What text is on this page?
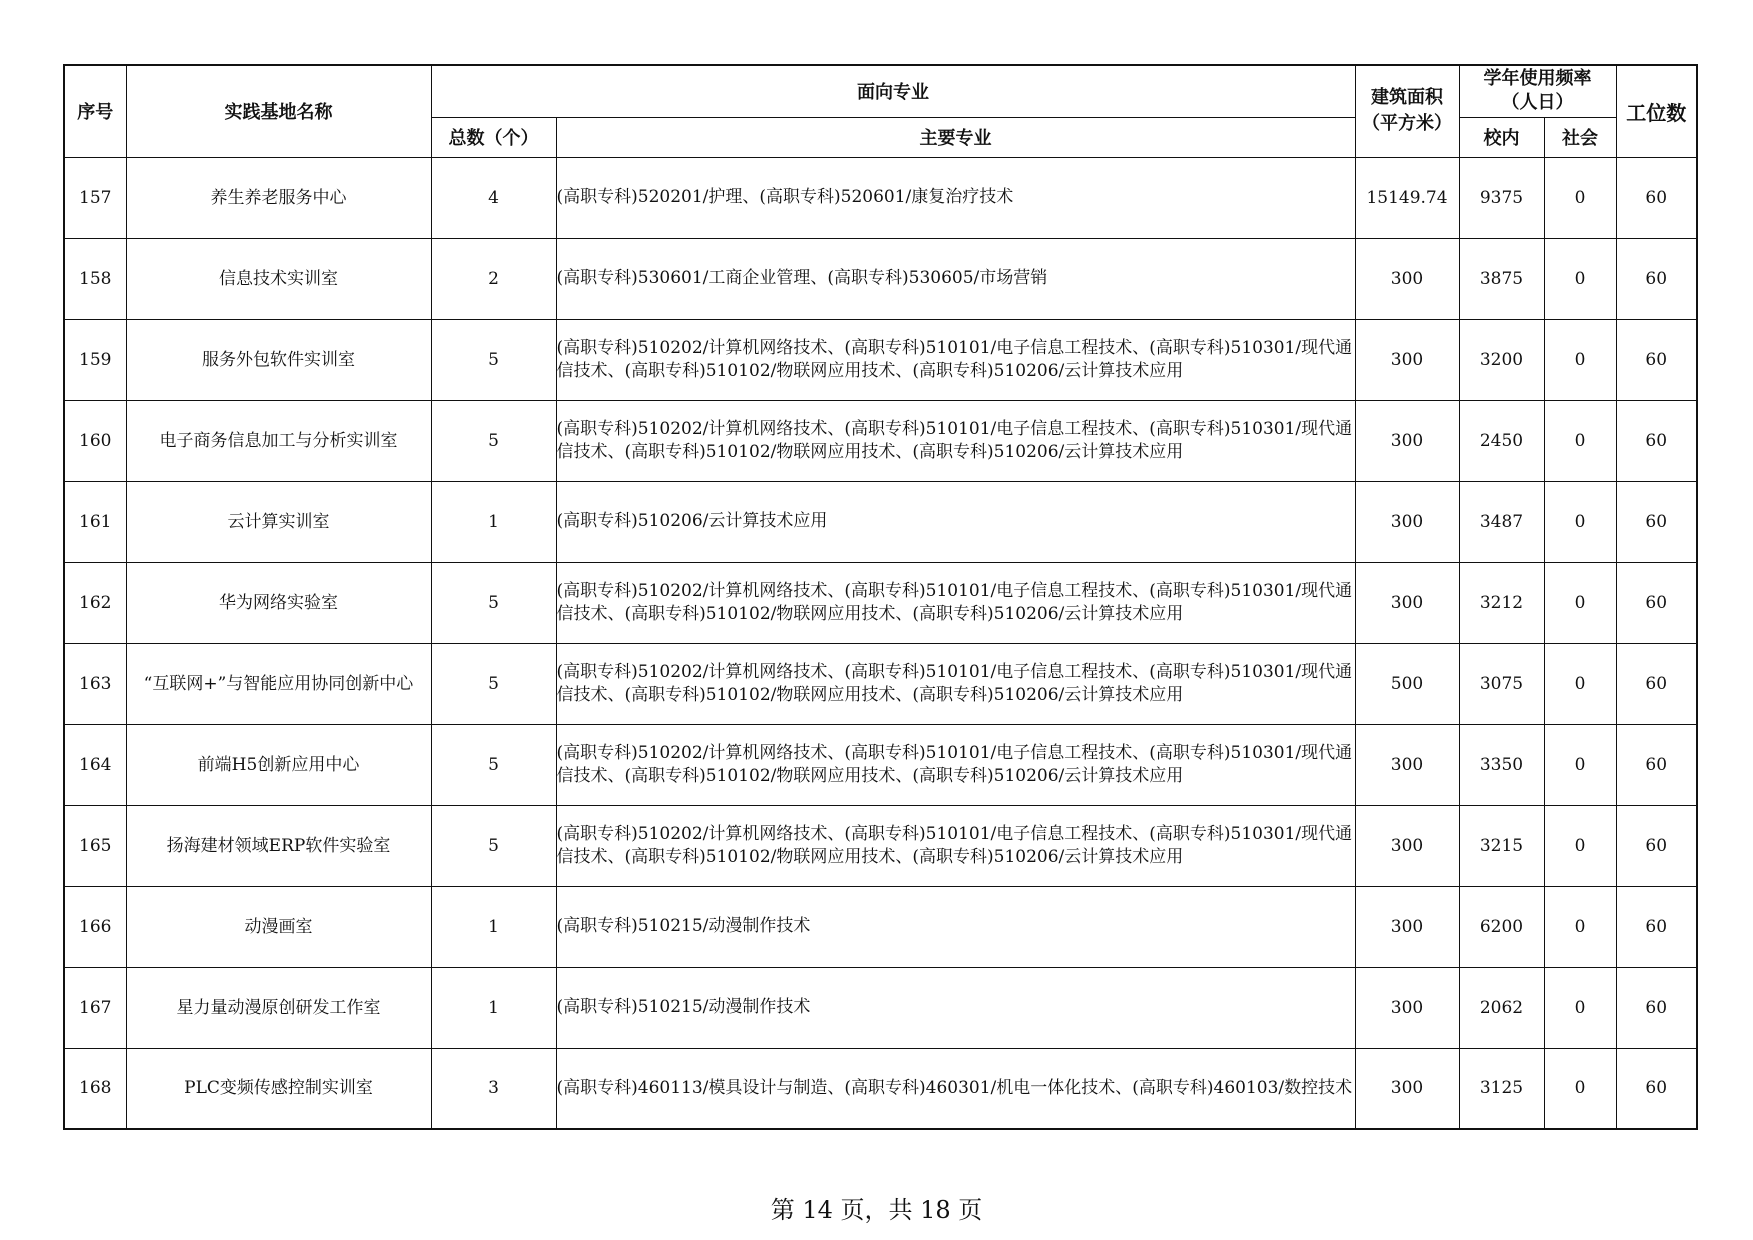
序号	实践基地名称	面向专业		建筑面积（平方米）	学年使用频率（人日）		工位数
		总数（个）	主要专业		校内	社会	
157	养生养老服务中心	4	(高职专科)520201/护理、(高职专科)520601/康复治疗技术	15149.74	9375	0	60
158	信息技术实训室	2	(高职专科)530601/工商企业管理、(高职专科)530605/市场营销	300	3875	0	60
159	服务外包软件实训室	5	(高职专科)510202/计算机网络技术、(高职专科)510101/电子信息工程技术、(高职专科)510301/现代通信技术、(高职专科)510102/物联网应用技术、(高职专科)510206/云计算技术应用	300	3200	0	60
160	电子商务信息加工与分析实训室	5	(高职专科)510202/计算机网络技术、(高职专科)510101/电子信息工程技术、(高职专科)510301/现代通信技术、(高职专科)510102/物联网应用技术、(高职专科)510206/云计算技术应用	300	2450	0	60
161	云计算实训室	1	(高职专科)510206/云计算技术应用	300	3487	0	60
162	华为网络实验室	5	(高职专科)510202/计算机网络技术、(高职专科)510101/电子信息工程技术、(高职专科)510301/现代通信技术、(高职专科)510102/物联网应用技术、(高职专科)510206/云计算技术应用	300	3212	0	60
163	“互联网+”与智能应用协同创新中心	5	(高职专科)510202/计算机网络技术、(高职专科)510101/电子信息工程技术、(高职专科)510301/现代通信技术、(高职专科)510102/物联网应用技术、(高职专科)510206/云计算技术应用	500	3075	0	60
164	前端H5创新应用中心	5	(高职专科)510202/计算机网络技术、(高职专科)510101/电子信息工程技术、(高职专科)510301/现代通信技术、(高职专科)510102/物联网应用技术、(高职专科)510206/云计算技术应用	300	3350	0	60
165	扬海建材领域ERP软件实验室	5	(高职专科)510202/计算机网络技术、(高职专科)510101/电子信息工程技术、(高职专科)510301/现代通信技术、(高职专科)510102/物联网应用技术、(高职专科)510206/云计算技术应用	300	3215	0	60
166	动漫画室	1	(高职专科)510215/动漫制作技术	300	6200	0	60
167	星力量动漫原创研发工作室	1	(高职专科)510215/动漫制作技术	300	2062	0	60
168	PLC变频传感控制实训室	3	(高职专科)460113/模具设计与制造、(高职专科)460301/机电一体化技术、(高职专科)460103/数控技术	300	3125	0	60
第 14 页，共 18 页
